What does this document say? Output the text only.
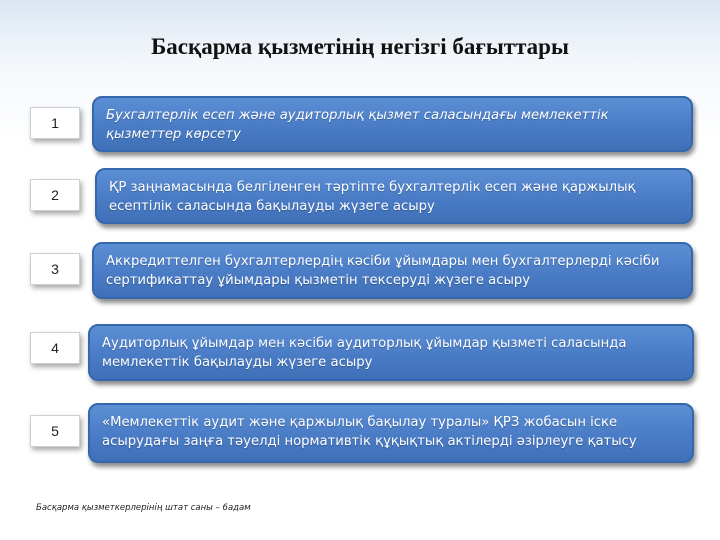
Басқарма қызметінің негізгі бағыттары
1	Бухгалтерлік есеп және аудиторлық қызмет саласындағы мемлекеттік қызметтер көрсету
2	ҚР заңнамасында белгіленген тәртіпте бухгалтерлік есеп және қаржылық есептілік саласында бақылауды жүзеге асыру
3	Аккредиттелген бухгалтерлердің кәсіби ұйымдары мен бухгалтерлерді кәсіби сертификаттау ұйымдары қызметін тексеруді жүзеге асыру
4	Аудиторлық ұйымдар мен кәсіби аудиторлық ұйымдар қызметі саласында мемлекеттік бақылауды жүзеге асыру
5
«Мемлекеттік аудит және қаржылық бақылау туралы» ҚРЗ жобасын іске асырудағы заңға тәуелді нормативтік құқықтық актілерді әзірлеуге қатысу
Басқарма қызметкерлерінің штат саны – 6адам
